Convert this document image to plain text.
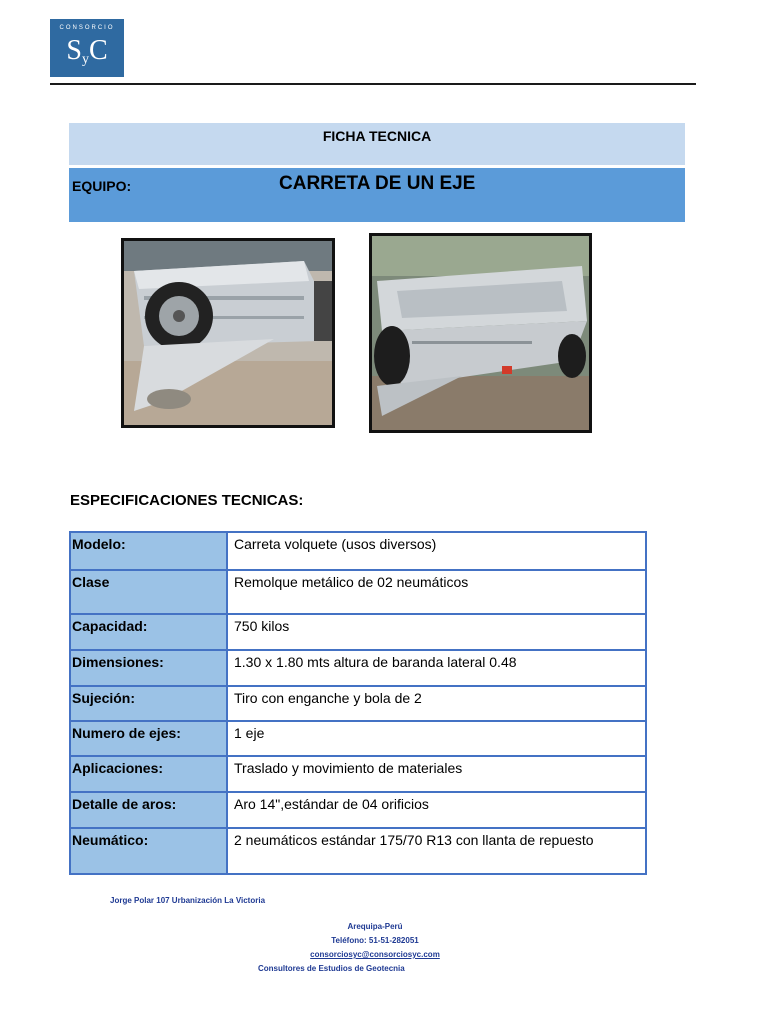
CONSORCIO
$S_yC$
FICHA TECNICA
EQUIPO:	CARRETA DE UN EJE
ESPECIFICACIONES TECNICAS:
Modelo:	Carreta volquete (usos diversos)
Clase	Remolque metálico de 02 neumáticos
Capacidad:	750 kilos
Dimensiones:	1.30 x 1.80 mts altura de baranda lateral 0.48
Sujeción:	Tiro con enganche y bola de 2
Numero de ejes:	1 eje
Aplicaciones:	Traslado y movimiento de materiales
Detalle de aros:	Aro 14",estándar de 04 orificios
Neumático:	2 neumáticos estándar 175/70 R13 con llanta de repuesto
Jorge Polar 107 Urbanización La Victoria
Arequipa-Perú
Teléfono: 51-51-282051
consorciosyc@consorciosyc.com
Consultores de Estudios de Geotecnia
